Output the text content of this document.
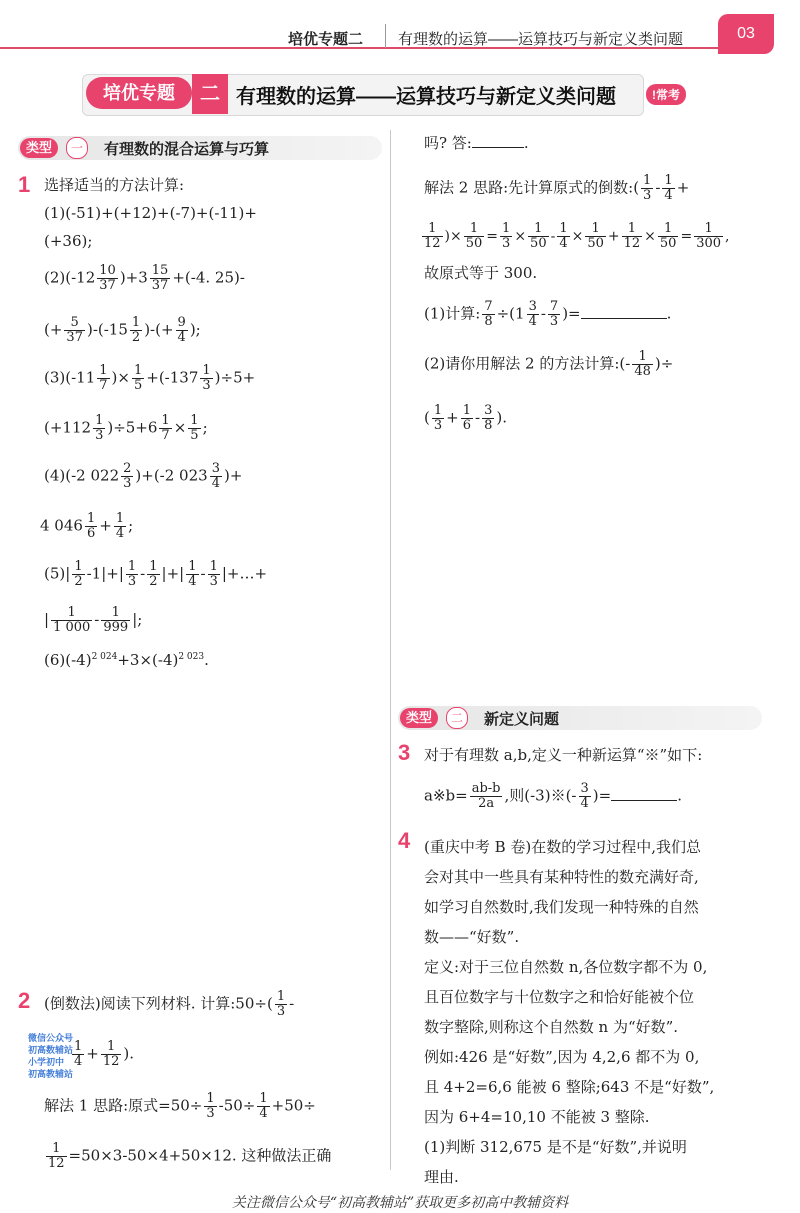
培优专题二 有理数的运算——运算技巧与新定义类问题	03
培优专题	二 有理数的运算——运算技巧与新定义类问题	!常考
类型	一	有理数的混合运算与巧算
1 选择适当的方法计算:
(1)(-51)+(+12)+(-7)+(-11)+
(+36);
$(2)(-12 \frac{10}{37} )+3 \frac{15}{37} +(-4$. 25)-
(+ $\frac{5}{37} )-(-15 \frac{1}{2}$ )-(+ $\frac{9}{4}$ );
$(3)(-11 \frac{1}{7}$ )× $\frac{1}{5} +(-137 \frac{1}{3} )\div 5+$
$(+112 \frac{1}{3} )\div 5+6 \frac{1}{7} \times \frac{1}{5}$ ;
(4)(-2 $022 \frac{2}{3} )+(-2$ $023 \frac{3}{4}$ )+
4 $046 \frac{1}{6} + \frac{1}{4}$ ;
$(5)| \frac{1}{2} -1|+| \frac{1}{3} - \frac{1}{2}$ |+| $\frac{1}{4} - \frac{1}{3}$ |+…+
| $\frac{1}{1 000} - \frac{1}{999}$ |;
$(6)(-4)^{2 024}+3\times(-4)^{2 023}$.
2 (倒数法)阅读下列材料. 计算:50÷( $\frac{1}{3}$ -
$\frac{1}{4} + \frac{1}{12}$ ).
微信公众号
初高数辅站
小学初中
初高教辅站
解法 1 思路:原式$=50\div \frac{1}{3} -50\div \frac{1}{4} +50\div$
$\frac{1}{12} =50\times 3-50\times 4+50\times 12$. 这种做法正确
吗? 答:	.
解法 2 思路:先计算原式的倒数:( $\frac{1}{3} - \frac{1}{4}$ +
$\frac{1}{12}$ )× $\frac{1}{50} = \frac{1}{3} \times \frac{1}{50} - \frac{1}{4} \times \frac{1}{50} + \frac{1}{12} \times \frac{1}{50} = \frac{1}{300}$ ,
故原式等于 300.
(1)计算: $\frac{7}{8} \div(1 \frac{3}{4} - \frac{7}{3}$ )=	.
(2)请你用解法 2 的方法计算:(- $\frac{1}{48}$ )÷
( $\frac{1}{3} + \frac{1}{6} - \frac{3}{8}$ ).
类型	二	新定义问题
3 对于有理数 a,b,定义一种新运算“※”如下:
a※b= $\frac{ab-b}{2a}$ ,则(-3)※(- $\frac{3}{4}$ )=	.
4 (重庆中考 B 卷)在数的学习过程中,我们总
会对其中一些具有某种特性的数充满好奇,
如学习自然数时,我们发现一种特殊的自然
数——“好数”.
定义:对于三位自然数 n,各位数字都不为 0,
且百位数字与十位数字之和恰好能被个位
数字整除,则称这个自然数 n 为“好数”.
例如:426 是“好数”,因为 4,2,6 都不为 0,
且 4+2=6,6 能被 6 整除;643 不是“好数”,
因为 6+4=10,10 不能被 3 整除.
(1)判断 312,675 是不是“好数”,并说明
理由.
关注微信公众号“初高教辅站”获取更多初高中教辅资料
